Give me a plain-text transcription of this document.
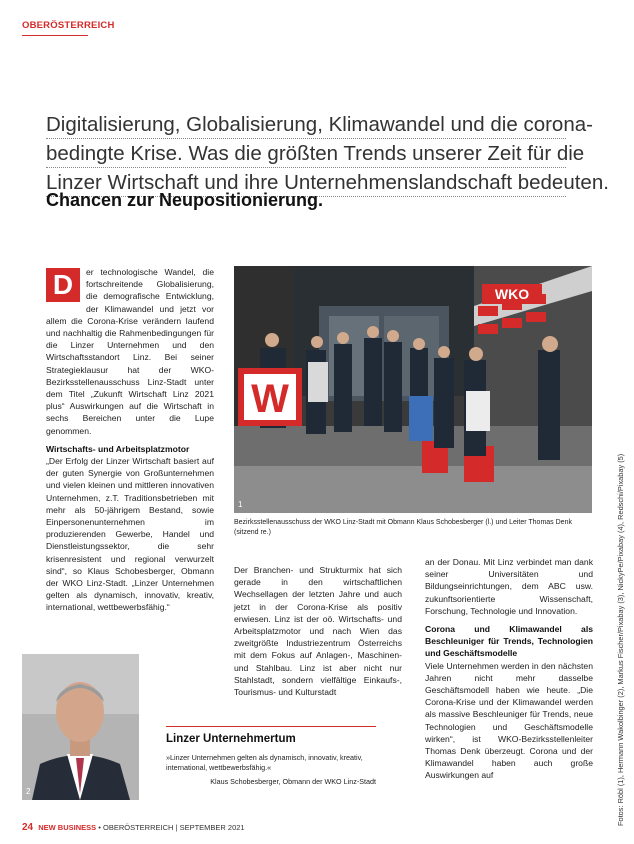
OBERÖSTERREICH
Digitalisierung, Globalisierung, Klimawandel und die corona-
bedingte Krise. Was die größten Trends unserer Zeit für die
Linzer Wirtschaft und ihre Unternehmenslandschaft bedeuten.
Chancen zur Neupositionierung.

D	er technologische Wandel, die fortschreitende Globalisierung, die demografische Entwicklung, der Klimawandel und jetzt vor allem die Corona-Krise verändern laufend und nachhaltig die Rahmenbedingungen für die Linzer Unternehmen und den Wirtschaftsstandort Linz. Bei seiner Strategieklausur hat der WKO-Bezirksstellenausschuss Linz-Stadt unter dem Titel „Zukunft Wirtschaft Linz 2021 plus“ Auswirkungen auf die Wirtschaft in sechs Bereichen unter die Lupe genommen.

Wirtschafts- und Arbeitsplatzmotor

„Der Erfolg der Linzer Wirtschaft basiert auf der guten Synergie von Großunternehmen und vielen kleinen und mittleren innovativen Unternehmen, z.T. Traditionsbetrieben mit mehr als 50-jährigem Bestand, sowie Einpersonenunternehmen im produzierenden Gewerbe, Handel und Dienstleistungssektor, die sehr krisenresistent und regional verwurzelt sind“, so Klaus Schobesberger, Obmann der WKO Linz-Stadt. „Linzer Unternehmen gelten als dynamisch, innovativ, kreativ, international, wettbewerbsfähig.“

WKO
W
1
Bezirksstellenausschuss der WKO Linz-Stadt mit Obmann Klaus Schobesberger (l.) und Leiter Thomas Denk (sitzend re.)

Der Branchen- und Strukturmix hat sich gerade in den wirtschaftlichen Wechsellagen der letzten Jahre und auch jetzt in der Corona-Krise als positiv erwiesen. Linz ist der oö. Wirtschafts- und Arbeitsplatzmotor und nach Wien das zweitgrößte Industriezentrum Österreichs mit dem Fokus auf Anlagen-, Maschinen- und Stahlbau. Linz ist aber nicht nur Stahlstadt, sondern vielfältige Einkaufs-, Tourismus- und Kulturstadt

an der Donau. Mit Linz verbindet man dank seiner Universitäten und Bildungseinrichtungen, dem ABC usw. zukunftsorientierte Wissenschaft, Forschung, Technologie und Innovation.

Corona und Klimawandel als Beschleuniger für Trends, Technologien und Geschäftsmodelle

Viele Unternehmen werden in den nächsten Jahren nicht mehr dasselbe Geschäftsmodell haben wie heute. „Die Corona-Krise und der Klimawandel werden als massive Beschleuniger für Trends, neue Technologien und Geschäftsmodelle wirken“, ist WKO-Bezirksstellenleiter Thomas Denk überzeugt. Corona und der Klimawandel haben auch große Auswirkungen auf

2
Linzer Unternehmertum
»Linzer Unternehmen gelten als dynamisch, innovativ, kreativ, international, wettbewerbsfähig.«
Klaus Schobesberger, Obmann der WKO Linz-Stadt	Fotos: Röbl (1), Hermann Wakolbinger (2), Markus Fischer/Pixabay (3), NickyPe/Pixabay (4), Redschi/Pixabay (5)
24 NEW BUSINESS • OBERÖSTERREICH | SEPTEMBER 2021
